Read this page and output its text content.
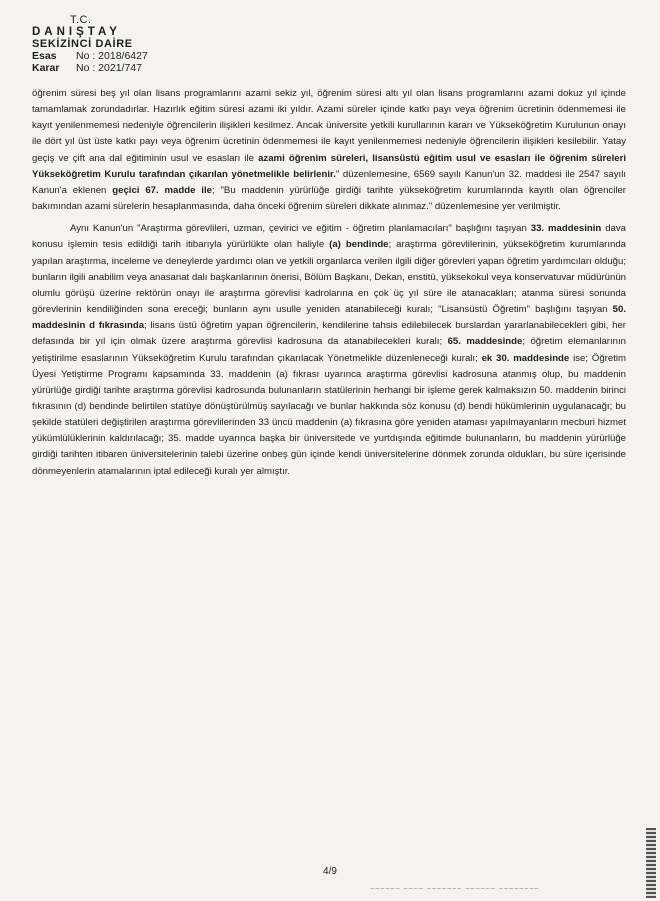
T.C.
DANIŞTAY
SEKİZİNCİ DAİRE
Esas	No : 2018/6427
Karar	No : 2021/747

öğrenim süresi beş yıl olan lisans programlarını azami sekiz yıl, öğrenim süresi altı yıl olan lisans programlarını azami dokuz yıl içinde tamamlamak zorundadırlar. Hazırlık eğitim süresi azami iki yıldır. Azami süreler içinde katkı payı veya öğrenim ücretinin ödenmemesi ile kayıt yenilenmemesi nedeniyle öğrencilerin ilişikleri kesilmez. Ancak üniversite yetkili kurullarının kararı ve Yükseköğretim Kurulunun onayı ile dört yıl üst üste katkı payı veya öğrenim ücretinin ödenmemesi ile kayıt yenilenmemesi nedeniyle öğrencilerin ilişikleri kesilebilir. Yatay geçiş ve çift ana dal eğitiminin usul ve esasları ile azami öğrenim süreleri, lisansüstü eğitim usul ve esasları ile öğrenim süreleri Yükseköğretim Kurulu tarafından çıkarılan yönetmelikle belirlenir." düzenlemesine, 6569 sayılı Kanun'un 32. maddesi ile 2547 sayılı Kanun'a eklenen geçici 67. madde ile; "Bu maddenin yürürlüğe girdiği tarihte yükseköğretim kurumlarında kayıtlı olan öğrenciler bakımından azami sürelerin hesaplanmasında, daha önceki öğrenim süreleri dikkate alınmaz." düzenlemesine yer verilmiştir.

Aynı Kanun'un "Araştırma görevlileri, uzman, çevirici ve eğitim - öğretim planlamacıları" başlığını taşıyan 33. maddesinin dava konusu işlemin tesis edildiği tarih itibarıyla yürürlükte olan haliyle (a) bendinde; araştırma görevlilerinin, yükseköğretim kurumlarında yapılan araştırma, inceleme ve deneylerde yardımcı olan ve yetkili organlarca verilen ilgili diğer görevleri yapan öğretim yardımcıları olduğu; bunların ilgili anabilim veya anasanat dalı başkanlarının önerisi, Bölüm Başkanı, Dekan, enstitü, yüksekokul veya konservatuvar müdürünün olumlu görüşü üzerine rektörün onayı ile araştırma görevlisi kadrolarına en çok üç yıl süre ile atanacakları; atanma süresi sonunda görevlerinin kendiliğinden sona ereceği; bunların aynı usulle yeniden atanabileceği kuralı; "Lisansüstü Öğretim" başlığını taşıyan 50. maddesinin d fıkrasında; lisans üstü öğretim yapan öğrencilerin, kendilerine tahsis edilebilecek burslardan yararlanabilecekleri gibi, her defasında bir yıl için olmak üzere araştırma görevlisi kadrosuna da atanabilecekleri kuralı; 65. maddesinde; öğretim elemanlarının yetiştirilme esaslarının Yükseköğretim Kurulu tarafından çıkarılacak Yönetmelikle düzenleneceği kuralı; ek 30. maddesinde ise; Öğretim Üyesi Yetiştirme Programı kapsamında 33. maddenin (a) fıkrası uyarınca araştırma görevlisi kadrosuna atanmış olup, bu maddenin yürürlüğe girdiği tarihte araştırma görevlisi kadrosunda bulunanların statülerinin herhangi bir işleme gerek kalmaksızın 50. maddenin birinci fıkrasının (d) bendinde belirtilen statüye dönüştürülmüş sayılacağı ve bunlar hakkında söz konusu (d) bendi hükümlerinin uygulanacağı; bu şekilde statüleri değiştirilen araştırma görevlilerinden 33 üncü maddenin (a) fıkrasına göre yeniden ataması yapılmayanların mecburi hizmet yükümlülüklerinin kaldırılacağı; 35. madde uyarınca başka bir üniversitede ve yurtdışında eğitimde bulunanların, bu maddenin yürürlüğe girdiği tarihten itibaren üniversitelerinin talebi üzerine onbeş gün içinde kendi üniversitelerine dönmek zorunda oldukları, bu süre içerisinde dönmeyenlerin atamalarının iptal edileceği kuralı yer almıştır.

4/9
~~~~~~ ~~~~ ~~~~~~~ ~~~~~~ ~~~~~~~~
